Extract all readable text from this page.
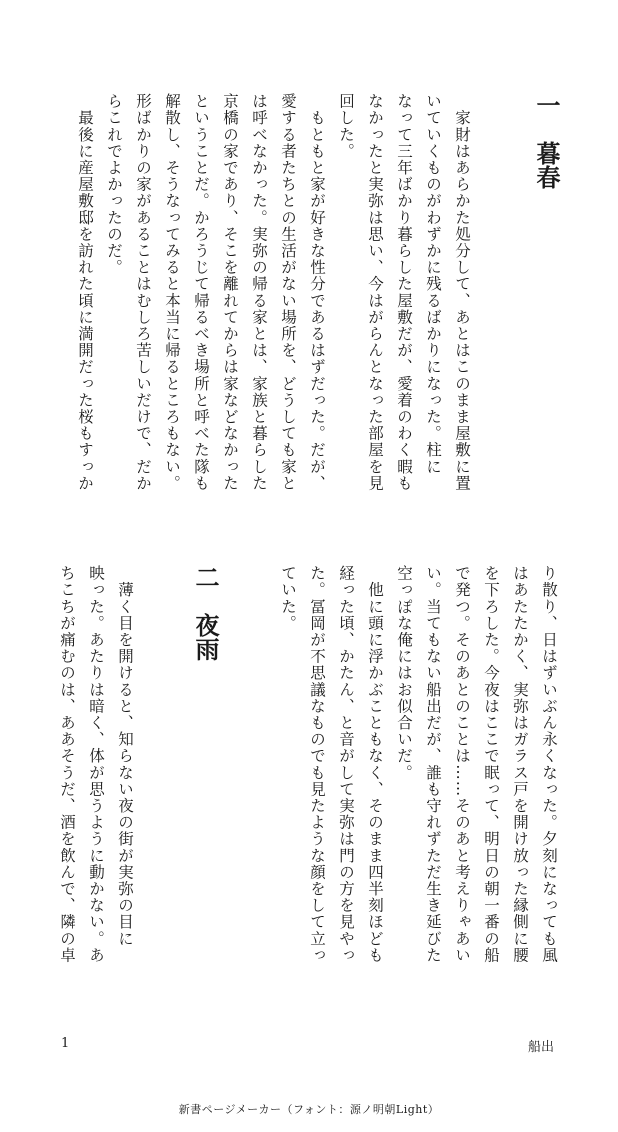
一　暮春

　家財はあらかた処分して、あとはこのまま屋敷に置

いていくものがわずかに残るばかりになった。柱に

なって三年ばかり暮らした屋敷だが、愛着のわく暇も

なかったと実弥は思い、今はがらんとなった部屋を見

回した。

　もともと家が好きな性分であるはずだった。だが、

愛する者たちとの生活がない場所を、どうしても家と

は呼べなかった。実弥の帰る家とは、家族と暮らした

京橋の家であり、そこを離れてからは家などなかった

ということだ。かろうじて帰るべき場所と呼べた隊も

解散し、そうなってみると本当に帰るところもない。

形ばかりの家があることはむしろ苦しいだけで、だか

らこれでよかったのだ。

　最後に産屋敷邸を訪れた頃に満開だった桜もすっか

り散り、日はずいぶん永くなった。夕刻になっても風

はあたたかく、実弥はガラス戸を開け放った縁側に腰

を下ろした。今夜はここで眠って、明日の朝一番の船

で発つ。そのあとのことは……そのあと考えりゃあい

い。当てもない船出だが、誰も守れずただ生き延びた

空っぽな俺にはお似合いだ。

　他に頭に浮かぶこともなく、そのまま四半刻ほども

経った頃、かたん、と音がして実弥は門の方を見やっ

た。冨岡が不思議なものでも見たような顔をして立っ

ていた。

二　夜雨

　薄く目を開けると、知らない夜の街が実弥の目に

映った。あたりは暗く、体が思うように動かない。あ

ちこちが痛むのは、ああそうだ、酒を飲んで、隣の卓

1	船出
新書ページメーカー（フォント：源ノ明朝Light）
